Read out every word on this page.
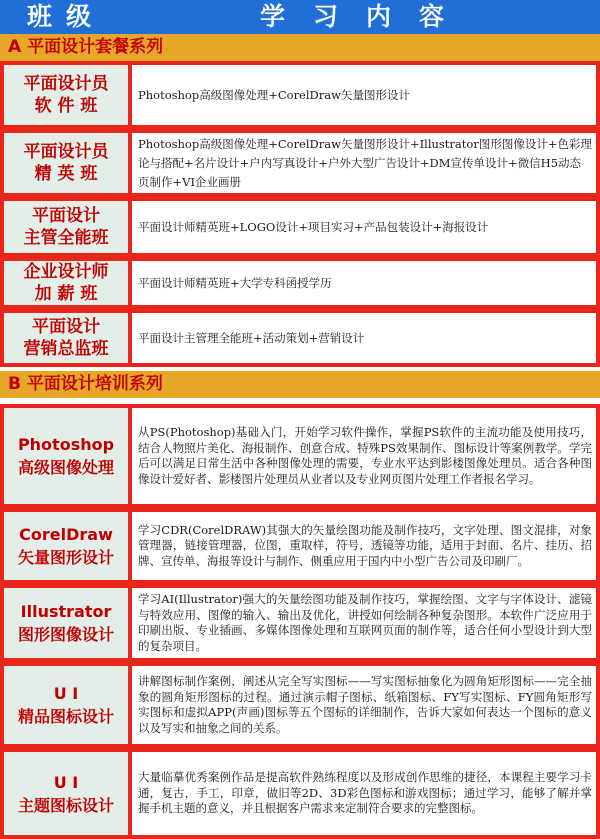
班级	学习内容
A 平面设计套餐系列
平面设计员
软 件 班
Photoshop高级图像处理+CorelDraw矢量图形设计
平面设计员
精 英 班
Photoshop高级图像处理+CorelDraw矢量图形设计+Illustrator图形图像设计+色彩理论与搭配+名片设计+户内写真设计+户外大型广告设计+DM宣传单设计+微信H5动态页制作+VI企业画册
平面设计
主管全能班
平面设计师精英班+LOGO设计+项目实习+产品包装设计+海报设计
企业设计师
加 薪 班
平面设计师精英班+大学专科函授学历
平面设计
营销总监班
平面设计主管理全能班+活动策划+营销设计
B 平面设计培训系列
Photoshop
高级图像处理
从PS(Photoshop)基础入门，开始学习软件操作，掌握PS软件的主流功能及使用技巧，结合人物照片美化、海报制作、创意合成、特殊PS效果制作、图标设计等案例教学。学完后可以满足日常生活中各种图像处理的需要，专业水平达到影楼图像处理员。适合各种图像设计爱好者、影楼图片处理员从业者以及专业网页图片处理工作者报名学习。
CorelDraw
矢量图形设计
学习CDR(CorelDRAW)其强大的矢量绘图功能及制作技巧，文字处理、图文混排，对象管理器，链接管理器，位图，重取样，符号，透镜等功能，适用于封面、名片、挂历、招牌、宣传单、海报等设计与制作、侧重应用于国内中小型广告公司及印刷厂。
Illustrator
图形图像设计
学习AI(Illustrator)强大的矢量绘图功能及制作技巧，掌握绘图、文字与字体设计、滤镜与特效应用、图像的输入、输出及优化，讲授如何绘制各种复杂图形。本软件广泛应用于印刷出版、专业插画、多媒体图像处理和互联网页面的制作等，适合任何小型设计到大型的复杂项目。
U I
精品图标设计
讲解图标制作案例，阐述从完全写实图标——写实图标抽象化为圆角矩形图标——完全抽象的圆角矩形图标的过程。通过演示帽子图标、纸箱图标、FY写实图标、FY圆角矩形写实图标和虚拟APP(声画)图标等五个图标的详细制作，告诉大家如何表达一个图标的意义以及写实和抽象之间的关系。
U I
主题图标设计
大量临摹优秀案例作品是提高软件熟练程度以及形成创作思维的捷径，本课程主要学习卡通，复古，手工，印章，做旧等2D、3D彩色图标和游戏图标；通过学习，能够了解并掌握手机主题的意义，并且根据客户需求来定制符合要求的完整图标。
